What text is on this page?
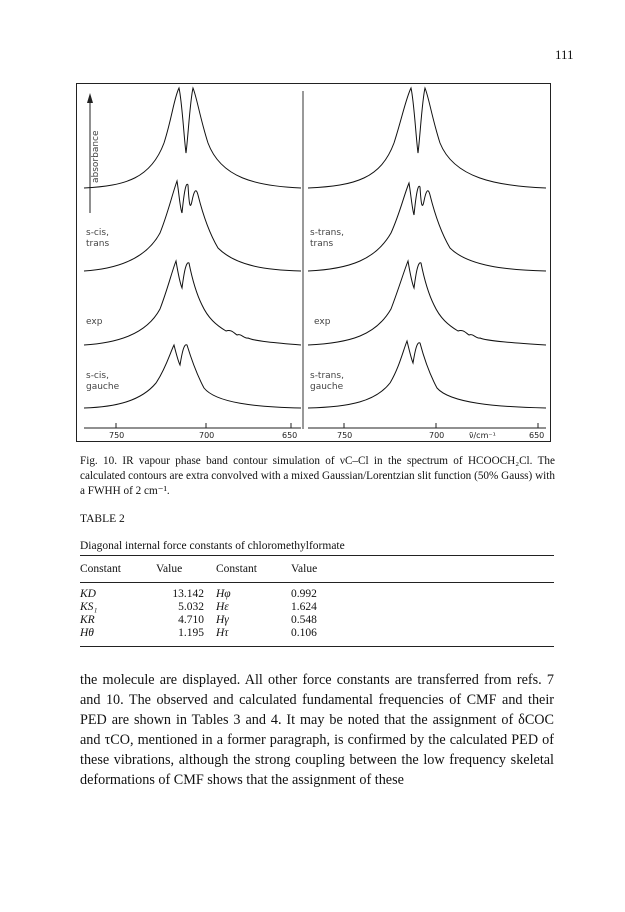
111
absorbance
s-cis,
trans
exp
s-cis,
gauche
s-trans,
trans
exp
s-trans,
gauche
750	700	650	750	700	ν̃/cm⁻¹	650
Fig. 10. IR vapour phase band contour simulation of νC–Cl in the spectrum of HCOOCH₂Cl. The calculated contours are extra convolved with a mixed Gaussian/Lorentzian slit function (50% Gauss) with a FWHH of 2 cm⁻¹.
TABLE 2
Diagonal internal force constants of chloromethylformate
Constant	Value	Constant	Value
KD	13.142 Hφ	0.992
KS₁	5.032 Hε	1.624
KR	4.710 Hγ	0.548
Hθ	1.195 Hτ	0.106
the molecule are displayed. All other force constants are transferred from refs. 7 and 10. The observed and calculated fundamental frequencies of CMF and their PED are shown in Tables 3 and 4. It may be noted that the assignment of δCOC and τCO, mentioned in a former paragraph, is confirmed by the calculated PED of these vibrations, although the strong coupling between the low frequency skeletal deformations of CMF shows that the assignment of these
